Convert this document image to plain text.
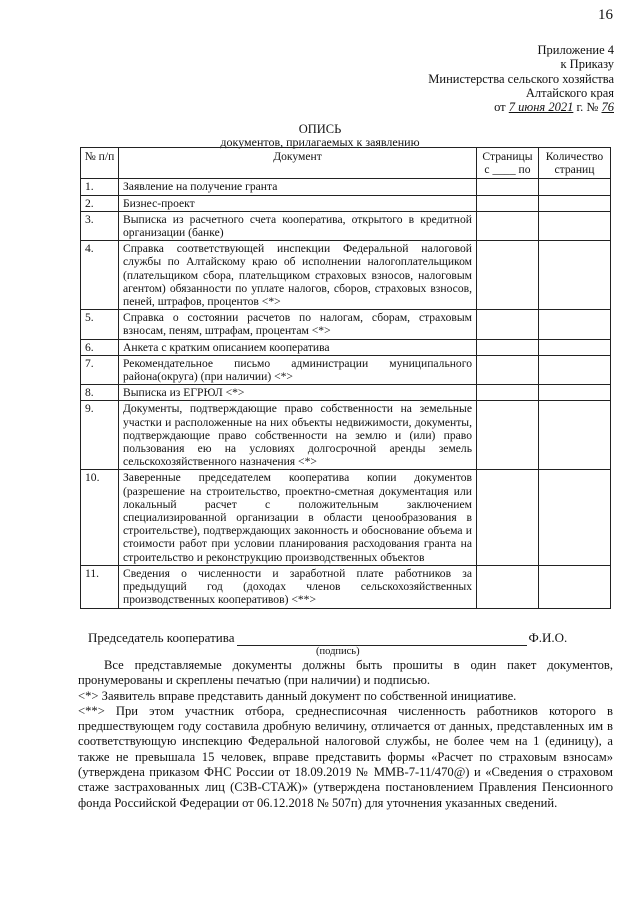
16
Приложение 4
к Приказу
Министерства сельского хозяйства
Алтайского края
от 7 июня 2021 г. № 76
ОПИСЬ
документов, прилагаемых к заявлению
№ п/п	Документ	Страницы с ____ по	Количество страниц
1.	Заявление на получение гранта		
2.	Бизнес-проект		
3.	Выписка из расчетного счета кооператива, открытого в кредитной организации (банке)		
4.	Справка соответствующей инспекции Федеральной налоговой службы по Алтайскому краю об исполнении налогоплательщиком (плательщиком сбора, плательщиком страховых взносов, налоговым агентом) обязанности по уплате налогов, сборов, страховых взносов, пеней, штрафов, процентов <*>		
5.	Справка о состоянии расчетов по налогам, сборам, страховым взносам, пеням, штрафам, процентам <*>		
6.	Анкета с кратким описанием кооператива		
7.	Рекомендательное письмо администрации муниципального района(округа) (при наличии) <*>		
8.	Выписка из ЕГРЮЛ <*>		
9.	Документы, подтверждающие право собственности на земельные участки и расположенные на них объекты недвижимости, документы, подтверждающие право собственности на землю и (или) право пользования ею на условиях долгосрочной аренды земель сельскохозяйственного назначения <*>		
10.	Заверенные председателем кооператива копии документов (разрешение на строительство, проектно-сметная документация или локальный расчет с положительным заключением специализированной организации в области ценообразования в строительстве), подтверждающих законность и обоснование объема и стоимости работ при условии планирования расходования гранта на строительство и реконструкцию производственных объектов		
11.	Сведения о численности и заработной плате работников за предыдущий год (доходах членов сельскохозяйственных производственных кооперативов) <**>		
Председатель кооператива	Ф.И.О.
(подпись)

Все представляемые документы должны быть прошиты в один пакет документов, пронумерованы и скреплены печатью (при наличии) и подписью.

<*> Заявитель вправе представить данный документ по собственной инициативе.

<**> При этом участник отбора, среднесписочная численность работников которого в предшествующем году составила дробную величину, отличается от данных, представленных им в соответствующую инспекцию Федеральной налоговой службы, не более чем на 1 (единицу), а также не превышала 15 человек, вправе представить формы «Расчет по страховым взносам» (утверждена приказом ФНС России от 18.09.2019 № ММВ-7-11/470@) и «Сведения о страховом стаже застрахованных лиц (СЗВ-СТАЖ)» (утверждена постановлением Правления Пенсионного фонда Российской Федерации от 06.12.2018 № 507п) для уточнения указанных сведений.
